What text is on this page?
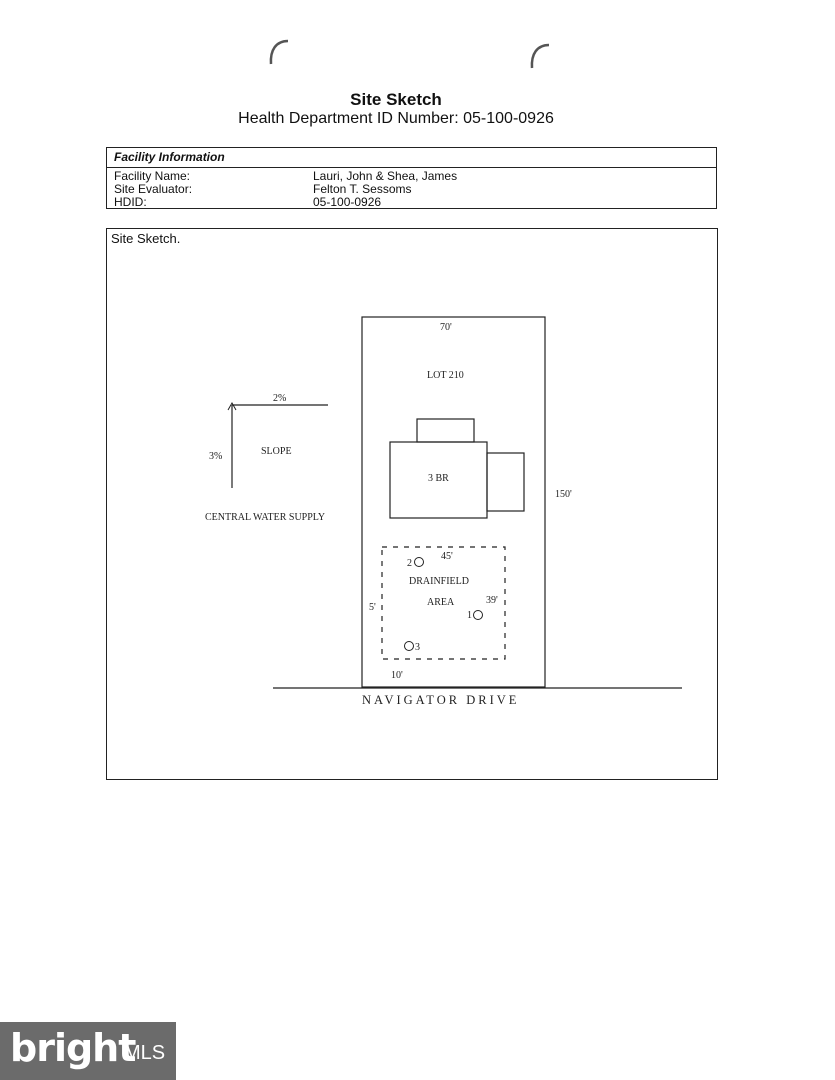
Site Sketch
Health Department ID Number: 05-100-0926
Facility Information
Facility Name:	Lauri, John & Shea, James
Site Evaluator:	Felton T. Sessoms
HDID:	05-100-0926
Site Sketch.
70'
LOT 210
150'
3 BR
SLOPE
2%
3%
CENTRAL WATER SUPPLY
DRAINFIELD
AREA
45'
39'
5'
10'
2
1
3
NAVIGATOR DRIVE
bright
MLS
